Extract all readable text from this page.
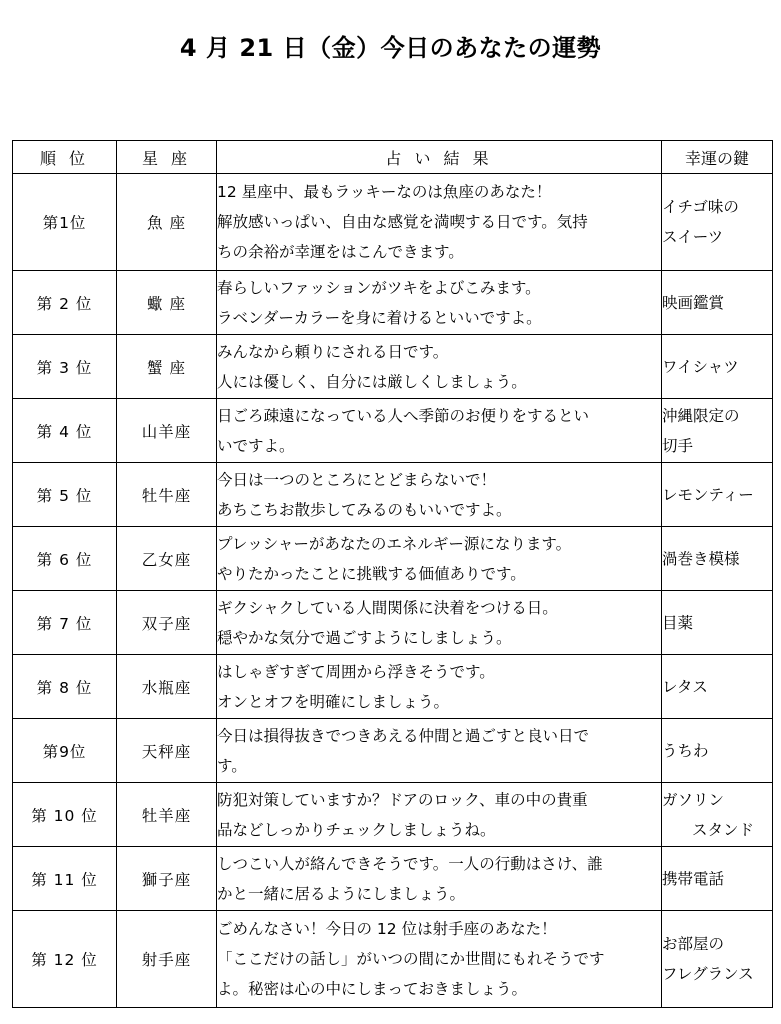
4 月 21 日（金）今日のあなたの運勢
順 位	星 座	占 い 結 果	幸運の鍵
第1位	魚 座	12 星座中、最もラッキーなのは魚座のあなた！
解放感いっぱい、自由な感覚を満喫する日です。気持
ちの余裕が幸運をはこんできます。	イチゴ味の
スイーツ

第 2 位	蠍 座	春らしいファッションがツキをよびこみます。
ラベンダーカラーを身に着けるといいですよ。	映画鑑賞

第 3 位	蟹 座	みんなから頼りにされる日です。
人には優しく、自分には厳しくしましょう。	ワイシャツ

第 4 位	山羊座	日ごろ疎遠になっている人へ季節のお便りをするとい
いですよ。	沖縄限定の
切手

第 5 位	牡牛座	今日は一つのところにとどまらないで！
あちこちお散歩してみるのもいいですよ。	レモンティー

第 6 位	乙女座	プレッシャーがあなたのエネルギー源になります。
やりたかったことに挑戦する価値ありです。	渦巻き模様

第 7 位	双子座	ギクシャクしている人間関係に決着をつける日。
穏やかな気分で過ごすようにしましょう。	目薬

第 8 位	水瓶座	はしゃぎすぎて周囲から浮きそうです。
オンとオフを明確にしましょう。	レタス

第9位	天秤座	今日は損得抜きでつきあえる仲間と過ごすと良い日で
す。	うちわ

第 10 位	牡羊座	防犯対策していますか？ドアのロック、車の中の貴重
品などしっかりチェックしましょうね。	ガソリン
スタンド

第 11 位	獅子座	しつこい人が絡んできそうです。一人の行動はさけ、誰
かと一緒に居るようにしましょう。	携帯電話

第 12 位	射手座	ごめんなさい！今日の 12 位は射手座のあなた！
「ここだけの話し」がいつの間にか世間にもれそうです
よ。秘密は心の中にしまっておきましょう。	お部屋の
フレグランス
